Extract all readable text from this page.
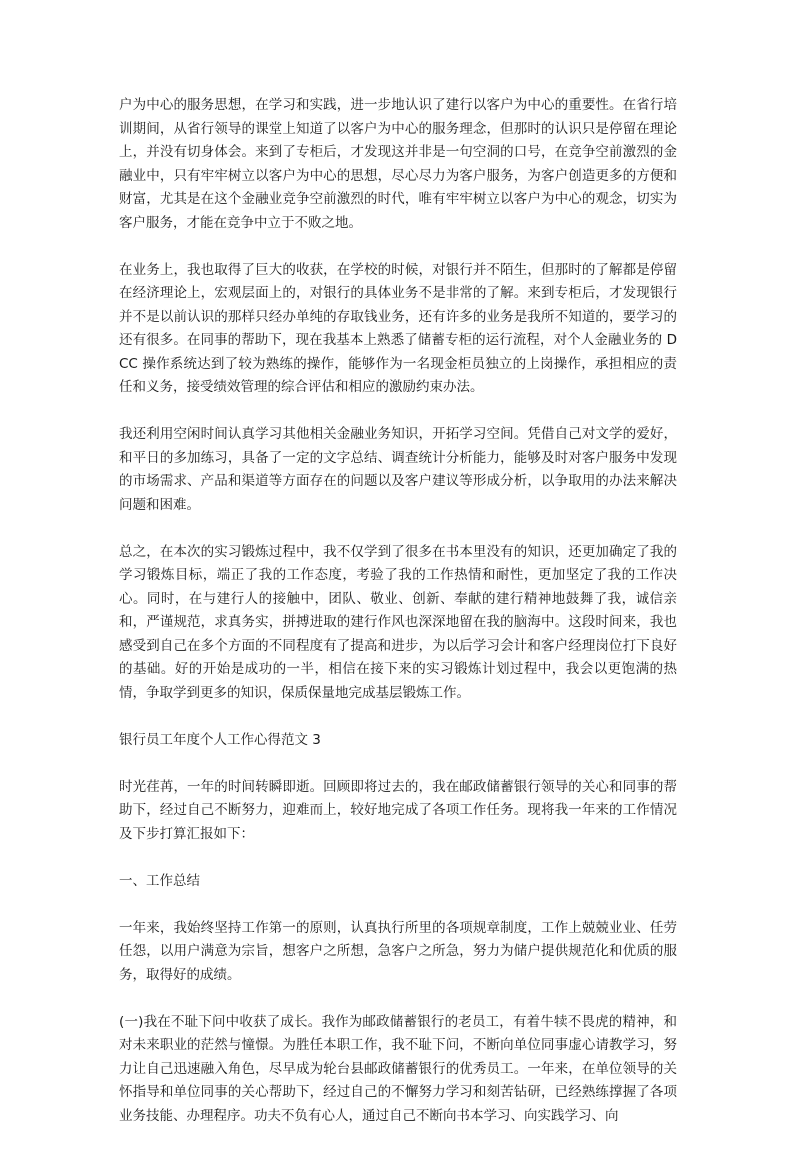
户为中心的服务思想，在学习和实践，进一步地认识了建行以客户为中心的重要性。在省行培训期间，从省行领导的课堂上知道了以客户为中心的服务理念，但那时的认识只是停留在理论上，并没有切身体会。来到了专柜后，才发现这并非是一句空洞的口号，在竞争空前激烈的金融业中，只有牢牢树立以客户为中心的思想，尽心尽力为客户服务，为客户创造更多的方便和财富，尤其是在这个金融业竞争空前激烈的时代，唯有牢牢树立以客户为中心的观念，切实为客户服务，才能在竞争中立于不败之地。

在业务上，我也取得了巨大的收获，在学校的时候，对银行并不陌生，但那时的了解都是停留在经济理论上，宏观层面上的，对银行的具体业务不是非常的了解。来到专柜后，才发现银行并不是以前认识的那样只经办单纯的存取钱业务，还有许多的业务是我所不知道的，要学习的还有很多。在同事的帮助下，现在我基本上熟悉了储蓄专柜的运行流程，对个人金融业务的 DCC 操作系统达到了较为熟练的操作，能够作为一名现金柜员独立的上岗操作，承担相应的责任和义务，接受绩效管理的综合评估和相应的激励约束办法。

我还利用空闲时间认真学习其他相关金融业务知识，开拓学习空间。凭借自己对文学的爱好，和平日的多加练习，具备了一定的文字总结、调查统计分析能力，能够及时对客户服务中发现的市场需求、产品和渠道等方面存在的问题以及客户建议等形成分析，以争取用的办法来解决问题和困难。

总之，在本次的实习锻炼过程中，我不仅学到了很多在书本里没有的知识，还更加确定了我的学习锻炼目标，端正了我的工作态度，考验了我的工作热情和耐性，更加坚定了我的工作决心。同时，在与建行人的接触中，团队、敬业、创新、奉献的建行精神地鼓舞了我，诚信亲和，严谨规范，求真务实，拼搏进取的建行作风也深深地留在我的脑海中。这段时间来，我也感受到自己在多个方面的不同程度有了提高和进步，为以后学习会计和客户经理岗位打下良好的基础。好的开始是成功的一半，相信在接下来的实习锻炼计划过程中，我会以更饱满的热情，争取学到更多的知识，保质保量地完成基层锻炼工作。

银行员工年度个人工作心得范文 3

时光荏苒，一年的时间转瞬即逝。回顾即将过去的，我在邮政储蓄银行领导的关心和同事的帮助下，经过自己不断努力，迎难而上，较好地完成了各项工作任务。现将我一年来的工作情况及下步打算汇报如下：

一、工作总结

一年来，我始终坚持工作第一的原则，认真执行所里的各项规章制度，工作上兢兢业业、任劳任怨，以用户满意为宗旨，想客户之所想，急客户之所急，努力为储户提供规范化和优质的服务，取得好的成绩。

(一)我在不耻下问中收获了成长。我作为邮政储蓄银行的老员工，有着牛犊不畏虎的精神，和对未来职业的茫然与憧憬。为胜任本职工作，我不耻下问，不断向单位同事虚心请教学习，努力让自己迅速融入角色，尽早成为轮台县邮政储蓄银行的优秀员工。一年来，在单位领导的关怀指导和单位同事的关心帮助下，经过自己的不懈努力学习和刻苦钻研，已经熟练撑握了各项业务技能、办理程序。功夫不负有心人，通过自己不断向书本学习、向实践学习、向
